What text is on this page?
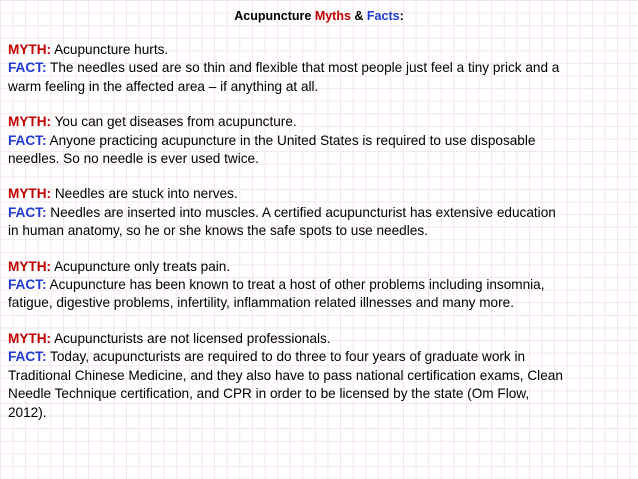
Acupuncture Myths & Facts:
MYTH: Acupuncture hurts.
FACT: The needles used are so thin and flexible that most people just feel a tiny prick and a
warm feeling in the affected area – if anything at all.
MYTH: You can get diseases from acupuncture.
FACT: Anyone practicing acupuncture in the United States is required to use disposable
needles. So no needle is ever used twice.
MYTH: Needles are stuck into nerves.
FACT: Needles are inserted into muscles. A certified acupuncturist has extensive education
in human anatomy, so he or she knows the safe spots to use needles.
MYTH: Acupuncture only treats pain.
FACT: Acupuncture has been known to treat a host of other problems including insomnia,
fatigue, digestive problems, infertility, inflammation related illnesses and many more.
MYTH: Acupuncturists are not licensed professionals.
FACT: Today, acupuncturists are required to do three to four years of graduate work in
Traditional Chinese Medicine, and they also have to pass national certification exams, Clean
Needle Technique certification, and CPR in order to be licensed by the state (Om Flow,
2012).
